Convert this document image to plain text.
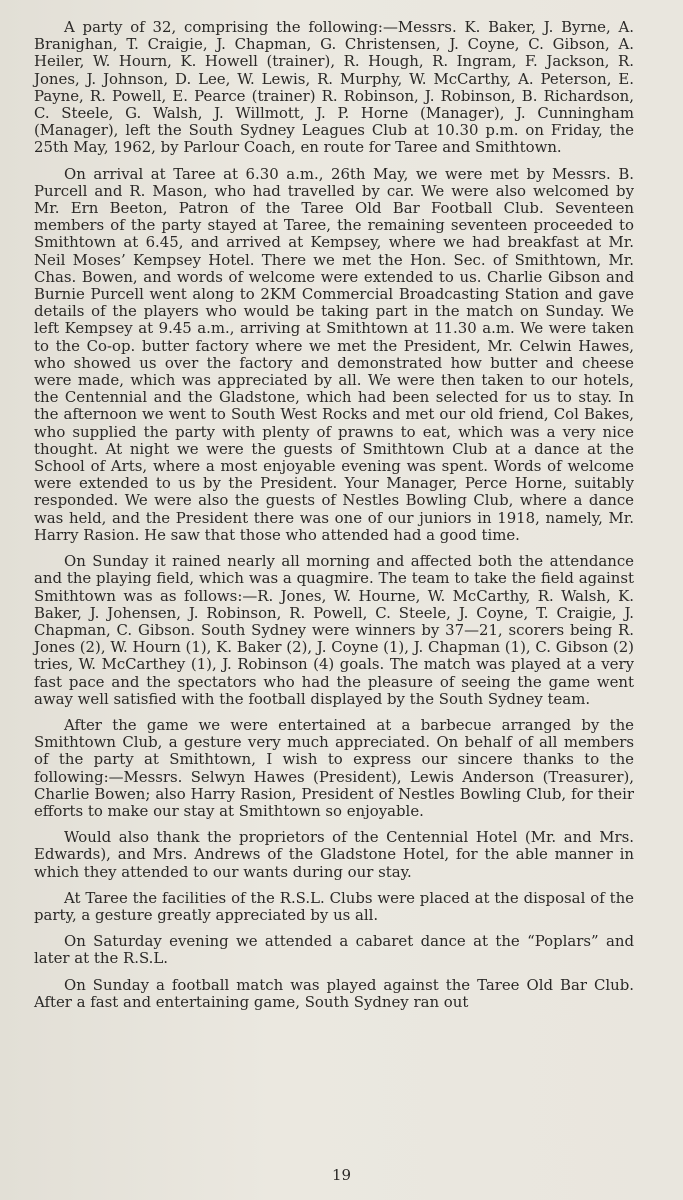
A party of 32, comprising the following:—Messrs. K. Baker, J. Byrne, A. Branighan, T. Craigie, J. Chapman, G. Christensen, J. Coyne, C. Gibson, A. Heiler, W. Hourn, K. Howell (trainer), R. Hough, R. Ingram, F. Jackson, R. Jones, J. Johnson, D. Lee, W. Lewis, R. Murphy, W. McCarthy, A. Peterson, E. Payne, R. Powell, E. Pearce (trainer) R. Robinson, J. Robinson, B. Richardson, C. Steele, G. Walsh, J. Willmott, J. P. Horne (Manager), J. Cunningham (Manager), left the South Sydney Leagues Club at 10.30 p.m. on Friday, the 25th May, 1962, by Parlour Coach, en route for Taree and Smithtown.

On arrival at Taree at 6.30 a.m., 26th May, we were met by Messrs. B. Purcell and R. Mason, who had travelled by car. We were also welcomed by Mr. Ern Beeton, Patron of the Taree Old Bar Football Club. Seventeen members of the party stayed at Taree, the remaining seventeen proceeded to Smithtown at 6.45, and arrived at Kempsey, where we had breakfast at Mr. Neil Moses’ Kempsey Hotel. There we met the Hon. Sec. of Smithtown, Mr. Chas. Bowen, and words of welcome were extended to us. Charlie Gibson and Burnie Purcell went along to 2KM Commercial Broadcasting Station and gave details of the players who would be taking part in the match on Sunday. We left Kempsey at 9.45 a.m., arriving at Smithtown at 11.30 a.m. We were taken to the Co-op. butter factory where we met the President, Mr. Celwin Hawes, who showed us over the factory and demonstrated how butter and cheese were made, which was appreciated by all. We were then taken to our hotels, the Centennial and the Gladstone, which had been selected for us to stay. In the afternoon we went to South West Rocks and met our old friend, Col Bakes, who supplied the party with plenty of prawns to eat, which was a very nice thought. At night we were the guests of Smithtown Club at a dance at the School of Arts, where a most enjoyable evening was spent. Words of welcome were extended to us by the President. Your Manager, Perce Horne, suitably responded. We were also the guests of Nestles Bowling Club, where a dance was held, and the President there was one of our juniors in 1918, namely, Mr. Harry Rasion. He saw that those who attended had a good time.

On Sunday it rained nearly all morning and affected both the attendance and the playing field, which was a quagmire. The team to take the field against Smithtown was as follows:—R. Jones, W. Hourne, W. McCarthy, R. Walsh, K. Baker, J. Johensen, J. Robinson, R. Powell, C. Steele, J. Coyne, T. Craigie, J. Chapman, C. Gibson. South Sydney were winners by 37—21, scorers being R. Jones (2), W. Hourn (1), K. Baker (2), J. Coyne (1), J. Chapman (1), C. Gibson (2) tries, W. McCarthey (1), J. Robinson (4) goals. The match was played at a very fast pace and the spectators who had the pleasure of seeing the game went away well satisfied with the football displayed by the South Sydney team.

After the game we were entertained at a barbecue arranged by the Smithtown Club, a gesture very much appreciated. On behalf of all members of the party at Smithtown, I wish to express our sincere thanks to the following:—Messrs. Selwyn Hawes (President), Lewis Anderson (Treasurer), Charlie Bowen; also Harry Rasion, President of Nestles Bowling Club, for their efforts to make our stay at Smithtown so enjoyable.

Would also thank the proprietors of the Centennial Hotel (Mr. and Mrs. Edwards), and Mrs. Andrews of the Gladstone Hotel, for the able manner in which they attended to our wants during our stay.

At Taree the facilities of the R.S.L. Clubs were placed at the disposal of the party, a gesture greatly appreciated by us all.

On Saturday evening we attended a cabaret dance at the “Poplars” and later at the R.S.L.

On Sunday a football match was played against the Taree Old Bar Club. After a fast and entertaining game, South Sydney ran out

19
